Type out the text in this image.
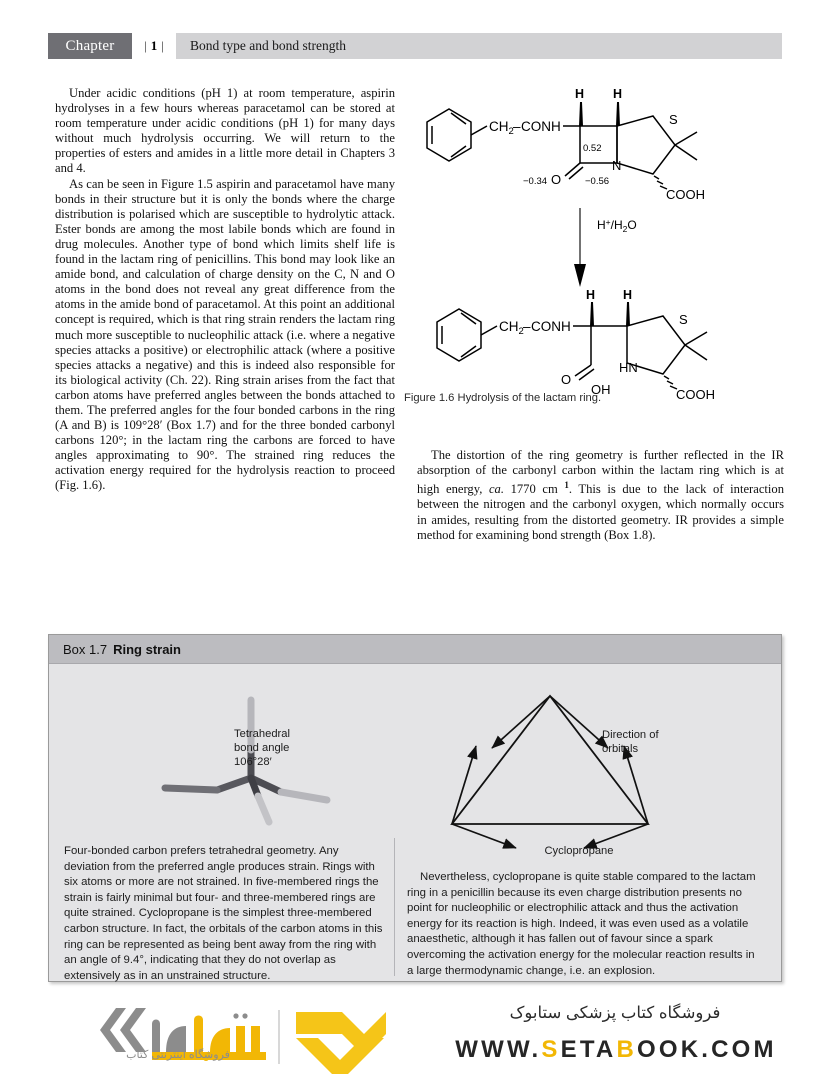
Chapter	| 1 |	Bond type and bond strength

Under acidic conditions (pH 1) at room temperature, aspirin hydrolyses in a few hours whereas paracetamol can be stored at room temperature under acidic conditions (pH 1) for many days without much hydrolysis occurring. We will return to the properties of esters and amides in a little more detail in Chapters 3 and 4.

As can be seen in Figure 1.5 aspirin and paracetamol have many bonds in their structure but it is only the bonds where the charge distribution is polarised which are susceptible to hydrolytic attack. Ester bonds are among the most labile bonds which are found in drug molecules. Another type of bond which limits shelf life is found in the lactam ring of penicillins. This bond may look like an amide bond, and calculation of charge density on the C, N and O atoms in the bond does not reveal any great difference from the atoms in the amide bond of paracetamol. At this point an additional concept is required, which is that ring strain renders the lactam ring much more susceptible to nucleophilic attack (i.e. where a negative species attacks a positive) or electrophilic attack (where a positive species attacks a negative) and this is indeed also responsible for its biological activity (Ch. 22). Ring strain arises from the fact that carbon atoms have preferred angles between the bonds attached to them. The preferred angles for the four bonded carbons in the ring (A and B) is 109°28′ (Box 1.7) and for the three bonded carbonyl carbons 120°; in the lactam ring the carbons are forced to have angles approximating to 90°. The strained ring reduces the activation energy required for the hydrolysis reaction to proceed (Fig. 1.6).

$CH_2$ – CONH
H H
S
N
O
COOH
0.52
−0.34	−0.56
$H^+/H_2O$
$CH_2$ – CONH
H H
S
HN
O
OH	COOH
Figure 1.6 Hydrolysis of the lactam ring.

The distortion of the ring geometry is further reflected in the IR absorption of the carbonyl carbon within the lactam ring which is at high energy, ca. 1770 cm $^1$. This is due to the lack of interaction between the nitrogen and the carbonyl oxygen, which normally occurs in amides, resulting from the distorted geometry. IR provides a simple method for examining bond strength (Box 1.8).

Box 1.7 Ring strain
Tetrahedral
bond angle
106°28′
Direction of
orbitals
Cyclopropane

Four-bonded carbon prefers tetrahedral geometry. Any deviation from the preferred angle produces strain. Rings with six atoms or more are not strained. In five-membered rings the strain is fairly minimal but four- and three-membered rings are quite strained. Cyclopropane is the simplest three-membered carbon structure. In fact, the orbitals of the carbon atoms in this ring can be represented as being bent away from the ring with an angle of 9.4°, indicating that they do not overlap as extensively as in an unstrained structure.

Nevertheless, cyclopropane is quite stable compared to the lactam ring in a penicillin because its even charge distribution presents no point for nucleophilic or electrophilic attack and thus the activation energy for its reaction is high. Indeed, it was even used as a volatile anaesthetic, although it has fallen out of favour since a spark overcoming the activation energy for the molecular reaction results in a large thermodynamic change, i.e. an explosion.

فروشگاه اینترنتی کتاب
فروشگاه کتاب پزشکی ستابوک
WWW.SETABOOK.COM
